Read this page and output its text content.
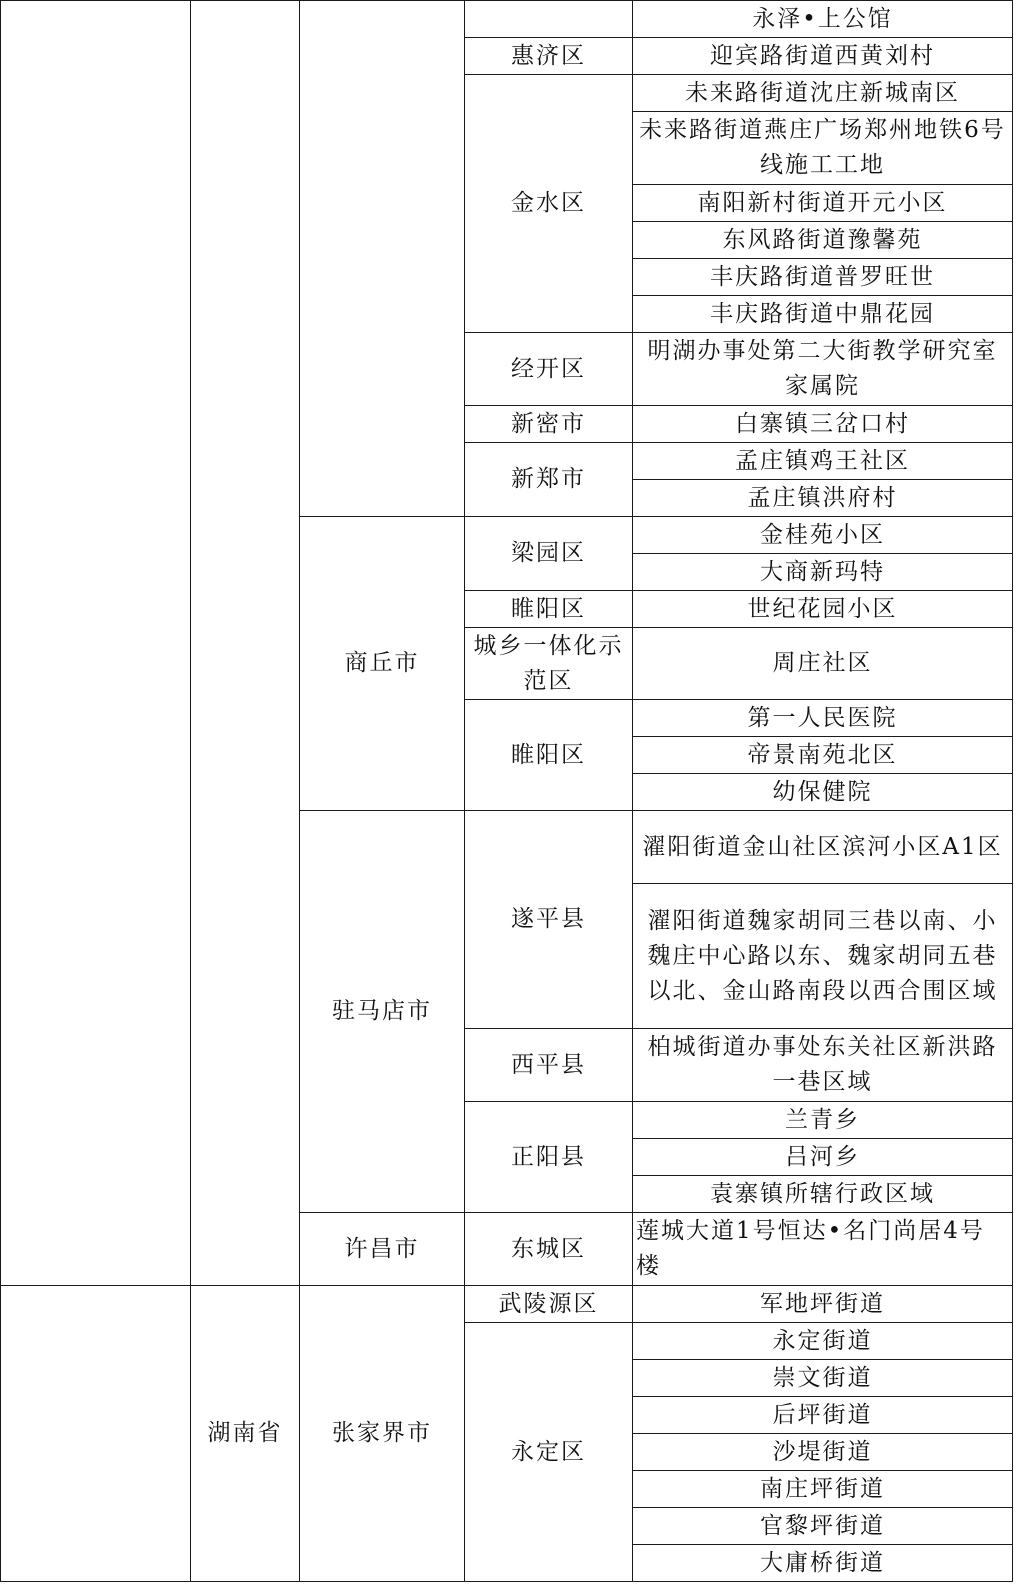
				永泽•上公馆
			惠济区	迎宾路街道西黄刘村
			金水区	未来路街道沈庄新城南区
				未来路街道燕庄广场郑州地铁6号线施工工地
				南阳新村街道开元小区
				东风路街道豫馨苑
				丰庆路街道普罗旺世
				丰庆路街道中鼎花园
			经开区	明湖办事处第二大街教学研究室家属院
			新密市	白寨镇三岔口村
			新郑市	孟庄镇鸡王社区
				孟庄镇洪府村
		商丘市	梁园区	金桂苑小区
				大商新玛特
			睢阳区	世纪花园小区
			城乡一体化示范区	周庄社区
			睢阳区	第一人民医院
				帝景南苑北区
				幼保健院
		驻马店市	遂平县	濯阳街道金山社区滨河小区A1区
				濯阳街道魏家胡同三巷以南、小魏庄中心路以东、魏家胡同五巷以北、金山路南段以西合围区域
			西平县	柏城街道办事处东关社区新洪路一巷区域
			正阳县	兰青乡
				吕河乡
				袁寨镇所辖行政区域
		许昌市	东城区	莲城大道1号恒达•名门尚居4号楼
	湖南省	张家界市	武陵源区	军地坪街道
			永定区	永定街道
				崇文街道
				后坪街道
				沙堤街道
				南庄坪街道
				官黎坪街道
				大庸桥街道
